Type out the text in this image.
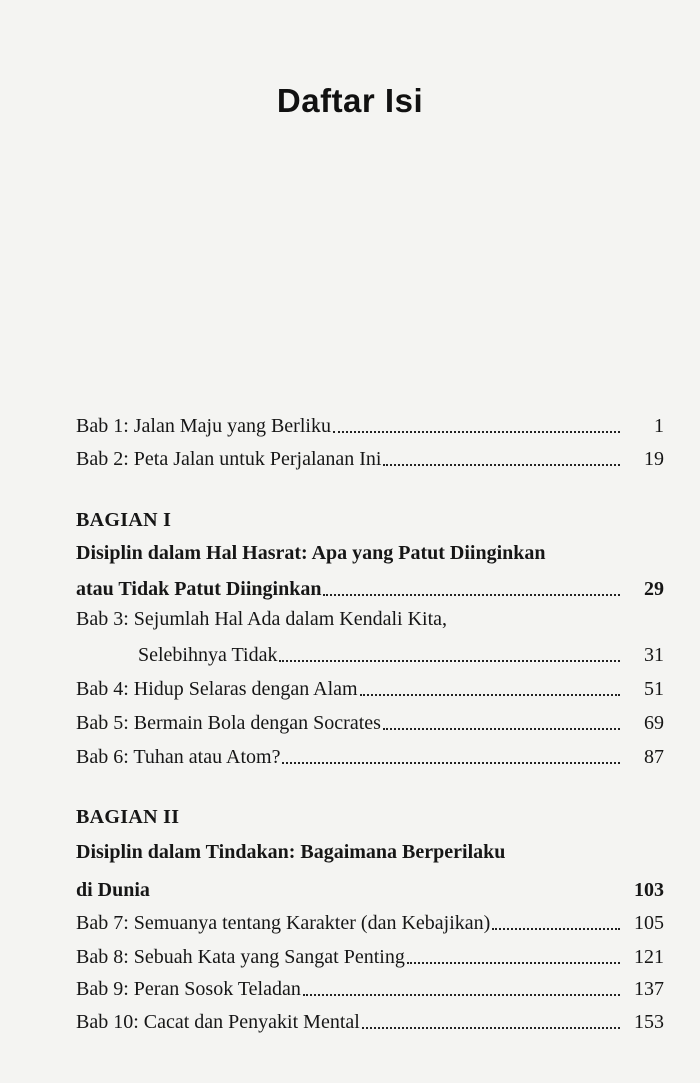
Daftar Isi
Bab 1: Jalan Maju yang Berliku	1
Bab 2: Peta Jalan untuk Perjalanan Ini	19
BAGIAN I
Disiplin dalam Hal Hasrat: Apa yang Patut Diinginkan
atau Tidak Patut Diinginkan	29
Bab 3: Sejumlah Hal Ada dalam Kendali Kita,
Selebihnya Tidak	31
Bab 4: Hidup Selaras dengan Alam	51
Bab 5: Bermain Bola dengan Socrates	69
Bab 6: Tuhan atau Atom?	87
BAGIAN II
Disiplin dalam Tindakan: Bagaimana Berperilaku
di Dunia	103
Bab 7: Semuanya tentang Karakter (dan Kebajikan)	105
Bab 8: Sebuah Kata yang Sangat Penting	121
Bab 9: Peran Sosok Teladan	137
Bab 10: Cacat dan Penyakit Mental	153
